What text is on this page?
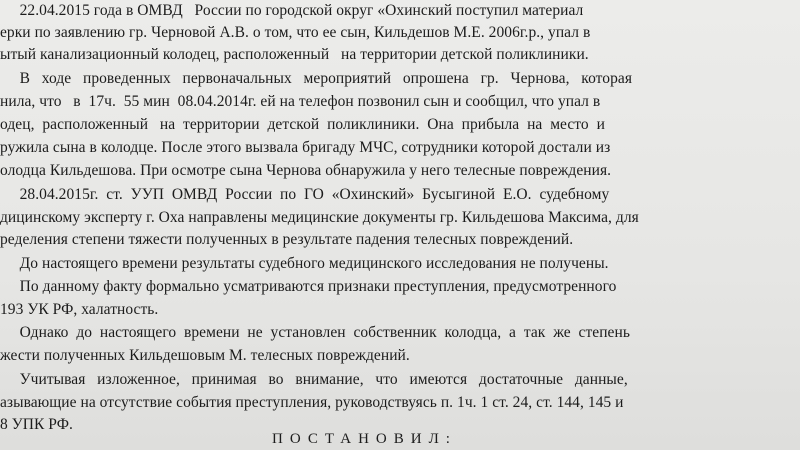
22.04.2015 года в ОМВД   России по городской округ «Охинский поступил материал
ерки по заявлению гр. Черновой А.В. о том, что ее сын, Кильдешов М.Е. 2006г.р., упал в
ытый канализационный колодец, расположенный   на территории детской поликлиники.
В   ходе   проведенных   первоначальных   мероприятий   опрошена   гр.   Чернова,   которая
нила, что   в  17ч.  55 мин  08.04.2014г. ей на телефон позвонил сын и сообщил, что упал в
одец,  расположенный   на  территории  детской  поликлиники.  Она  прибыла  на  место  и
ружила сына в колодце. После этого вызвала бригаду МЧС, сотрудники которой достали из
олодца Кильдешова. При осмотре сына Чернова обнаружила у него телесные повреждения.
28.04.2015г.  ст.  УУП  ОМВД  России  по  ГО  «Охинский»  Бусыгиной  Е.О.  судебному
дицинскому эксперту г. Оха направлены медицинские документы гр. Кильдешова Максима, для
ределения степени тяжести полученных в результате падения телесных повреждений.
До настоящего времени результаты судебного медицинского исследования не получены.
По данному факту формально усматриваются признаки преступления, предусмотренного
193 УК РФ, халатность.
Однако  до  настоящего  времени  не  установлен  собственник  колодца,  а  так  же  степень
жести полученных Кильдешовым М. телесных повреждений.
Учитывая   изложенное,   принимая   во   внимание,   что   имеются   достаточные   данные,
азывающие на отсутствие события преступления, руководствуясь п. 1ч. 1 ст. 24, ст. 144, 145 и
8 УПК РФ.
ПОСТАНОВИЛ:
